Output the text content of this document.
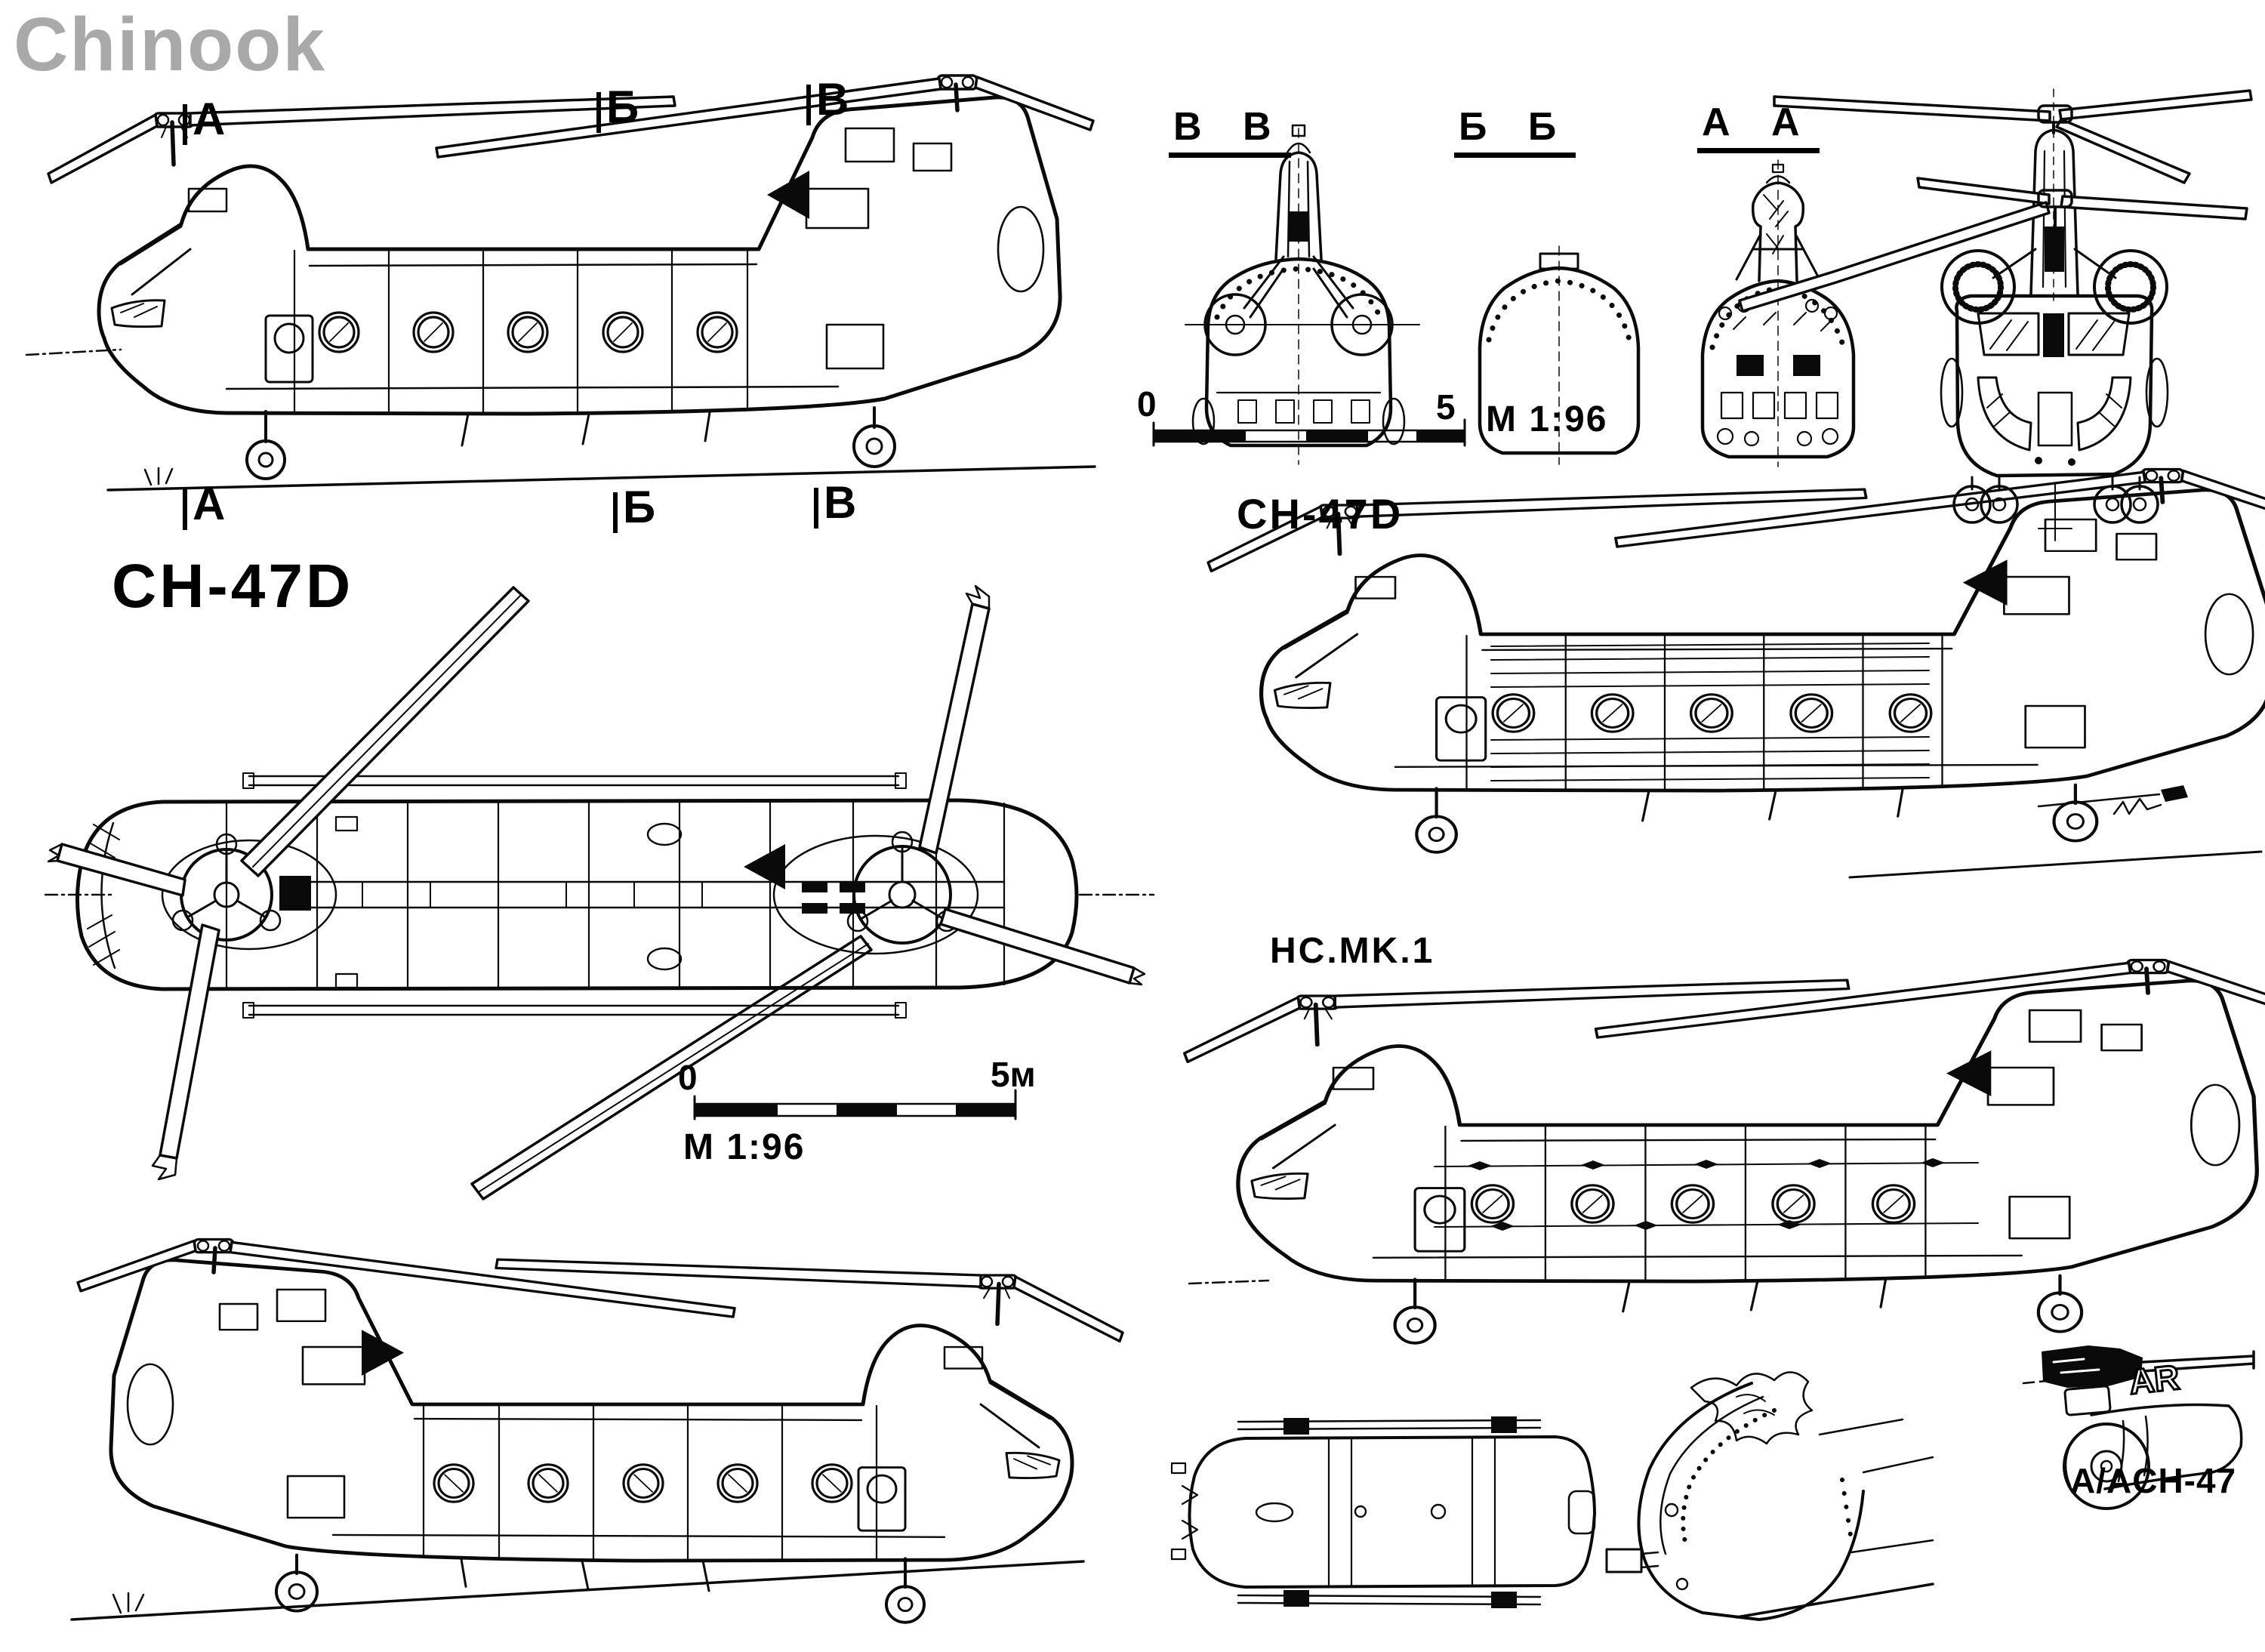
Chinook
CH-47D
CH-47D
HC.MK.1
A/ACH-47
AR
A	Б	В
A	Б	В
В В	Б Б	А А
0	5 M 1:96
0	5м
M 1:96
